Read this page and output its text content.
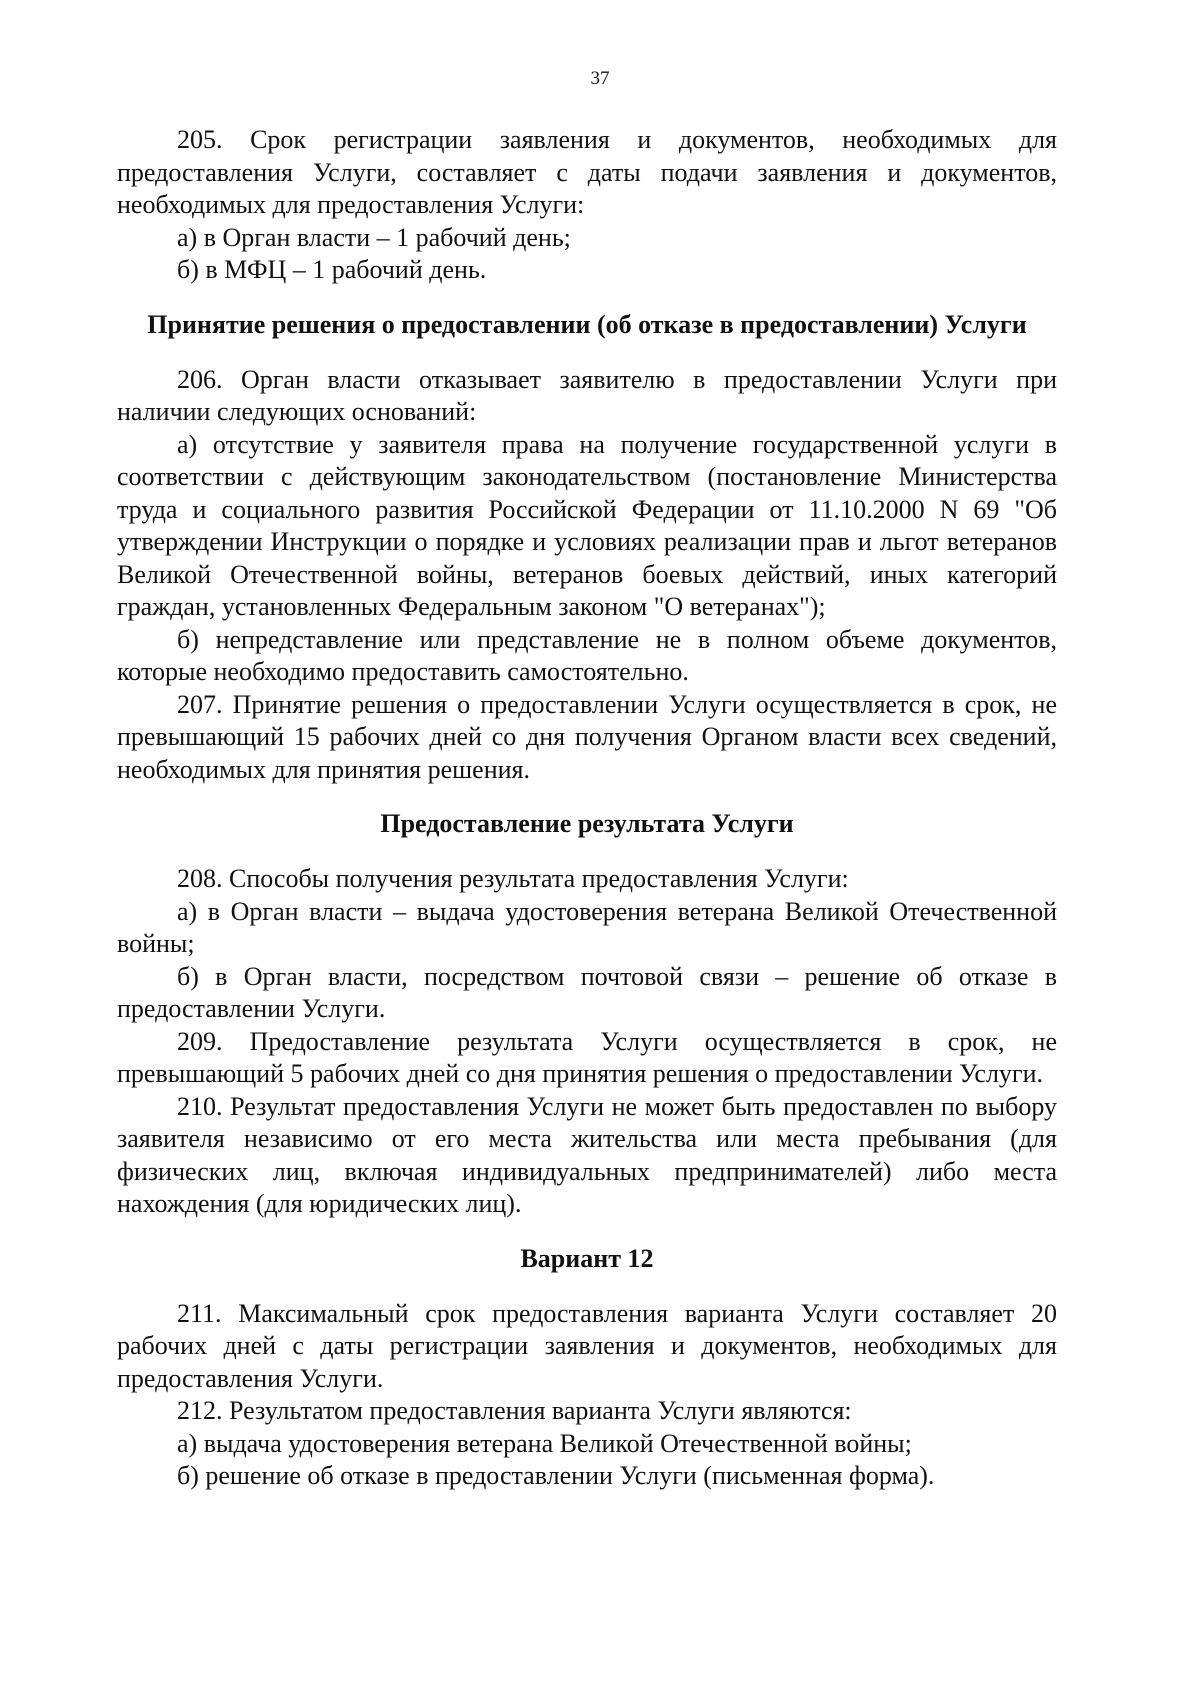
37

205. Срок регистрации заявления и документов, необходимых для предоставления Услуги, составляет с даты подачи заявления и документов, необходимых для предоставления Услуги:

а) в Орган власти – 1 рабочий день;

б) в МФЦ – 1 рабочий день.

Принятие решения о предоставлении (об отказе в предоставлении) Услуги

206. Орган власти отказывает заявителю в предоставлении Услуги при наличии следующих оснований:

а) отсутствие у заявителя права на получение государственной услуги в соответствии с действующим законодательством (постановление Министерства труда и социального развития Российской Федерации от 11.10.2000 N 69 "Об утверждении Инструкции о порядке и условиях реализации прав и льгот ветеранов Великой Отечественной войны, ветеранов боевых действий, иных категорий граждан, установленных Федеральным законом "О ветеранах");

б) непредставление или представление не в полном объеме документов, которые необходимо предоставить самостоятельно.

207. Принятие решения о предоставлении Услуги осуществляется в срок, не превышающий 15 рабочих дней со дня получения Органом власти всех сведений, необходимых для принятия решения.

Предоставление результата Услуги

208. Способы получения результата предоставления Услуги:

а) в Орган власти – выдача удостоверения ветерана Великой Отечественной войны;

б) в Орган власти, посредством почтовой связи – решение об отказе в предоставлении Услуги.

209. Предоставление результата Услуги осуществляется в срок, не превышающий 5 рабочих дней со дня принятия решения о предоставлении Услуги.

210. Результат предоставления Услуги не может быть предоставлен по выбору заявителя независимо от его места жительства или места пребывания (для физических лиц, включая индивидуальных предпринимателей) либо места нахождения (для юридических лиц).

Вариант 12

211. Максимальный срок предоставления варианта Услуги составляет 20 рабочих дней с даты регистрации заявления и документов, необходимых для предоставления Услуги.

212. Результатом предоставления варианта Услуги являются:

а) выдача удостоверения ветерана Великой Отечественной войны;

б) решение об отказе в предоставлении Услуги (письменная форма).
